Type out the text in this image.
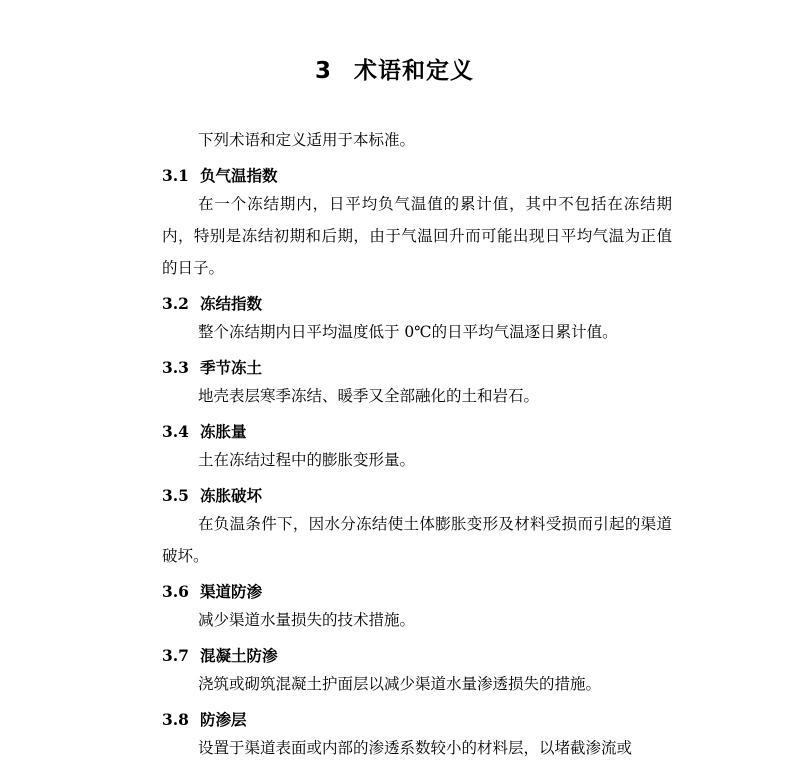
3 术语和定义

下列术语和定义适用于本标准。

3.1 负气温指数

在一个冻结期内，日平均负气温值的累计值，其中不包括在冻结期内，特别是冻结初期和后期，由于气温回升而可能出现日平均气温为正值的日子。

3.2 冻结指数

整个冻结期内日平均温度低于 0℃的日平均气温逐日累计值。

3.3 季节冻土

地壳表层寒季冻结、暖季又全部融化的土和岩石。

3.4 冻胀量

土在冻结过程中的膨胀变形量。

3.5 冻胀破坏

在负温条件下，因水分冻结使土体膨胀变形及材料受损而引起的渠道破坏。

3.6 渠道防渗

减少渠道水量损失的技术措施。

3.7 混凝土防渗

浇筑或砌筑混凝土护面层以减少渠道水量渗透损失的措施。

3.8 防渗层

设置于渠道表面或内部的渗透系数较小的材料层，以堵截渗流或
